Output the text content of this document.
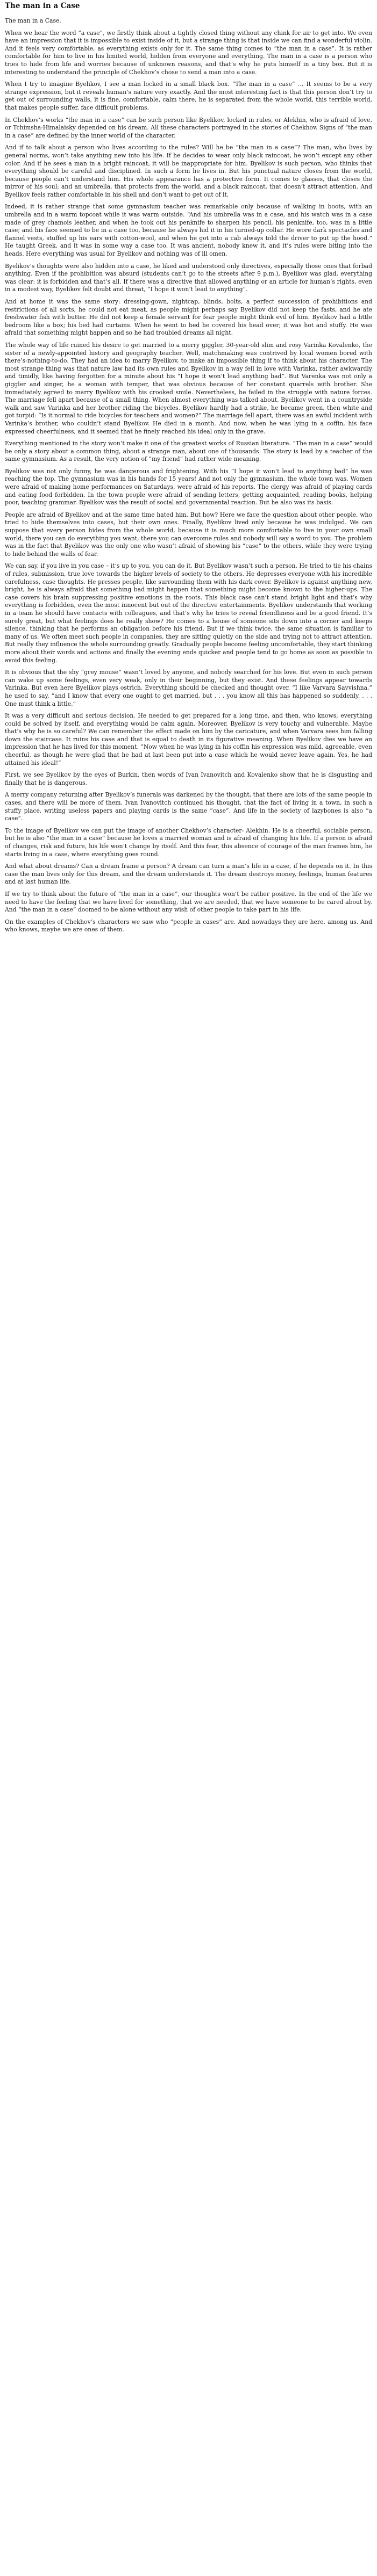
The man in a Case

The man in a Case.

When we hear the word “a case”, we firstly think about a tightly closed thing without any chink for air to get into. We even have an impression that it is impossible to exist inside of it, but a strange thing is that inside we can find a wonderful violin. And it feels very comfortable, as everything exists only for it. The same thing comes to “the man in a case”. It is rather comfortable for him to live in his limited world, hidden from everyone and everything. The man in a case is a person who tries to hide from life and worries because of unknown reasons, and that’s why he puts himself in a tiny box. But it is interesting to understand the principle of Chekhov’s chose to send a man into a case.

When I try to imagine Byelikov, I see a man locked in a small black box. “The man in a case” … It seems to be a very strange expression, but it reveals human’s nature very exactly. And the most interesting fact is that this person don’t try to get out of surrounding walls, it is fine, comfortable, calm there, he is separated from the whole world, this terrible world, that makes people suffer, face difficult problems.

In Chekhov’s works “the man in a case” can be such person like Byelikov, locked in rules, or Alekhin, who is afraid of love, or Tchimsha-Himalaisky depended on his dream. All these characters portrayed in the stories of Chekhov. Signs of “the man in a case” are defined by the inner world of the character.

And if to talk about a person who lives according to the rules? Will he be “the man in a case”? The man, who lives by general norms, won’t take anything new into his life. If he decides to wear only black raincoat, he won’t except any other color. And if he sees a man in a bright raincoat, it will be inappropriate for him. Byelikov is such person, who thinks that everything should be careful and disciplined. In such a form he lives in. But his punctual nature closes from the world, because people can’t understand him. His whole appearance has a protective form. It comes to glasses, that closes the mirror of his soul; and an umbrella, that protects from the world, and a black raincoat, that doesn’t attract attention. And Byelikov feels rather comfortable in his shell and don’t want to get out of it.

Indeed, it is rather strange that some gymnasium teacher was remarkable only because of walking in boots, with an umbrella and in a warm topcoat while it was warm outside. “And his umbrella was in a case, and his watch was in a case made of grey chamois leather, and when he took out his penknife to sharpen his pencil, his penknife, too, was in a little case; and his face seemed to be in a case too, because he always hid it in his turned-up collar. He wore dark spectacles and flannel vests, stuffed up his ears with cotton-wool, and when he got into a cab always told the driver to put up the hood.” He taught Greek, and it was in some way a case too. It was ancient, nobody knew it, and it’s rules were biting into the heads. Here everything was usual for Byelikov and nothing was of ill omen.

Byelikov’s thoughts were also hidden into a case, he liked and understood only directives, especially those ones that forbad anything. Even if the prohibition was absurd (students can’t go to the streets after 9 p.m.), Byelikov was glad, everything was clear: it is forbidden and that’s all. If there was a directive that allowed anything or an article for human’s rights, even in a modest way, Byelikov felt doubt and threat, “I hope it won’t lead to anything”.

And at home it was the same story: dressing-gown, nightcap, blinds, bolts, a perfect succession of prohibitions and restrictions of all sorts, he could not eat meat, as people might perhaps say Byelikov did not keep the fasts, and he ate freshwater fish with butter. He did not keep a female servant for fear people might think evil of him. Byelikov had a little bedroom like a box; his bed had curtains. When he went to bed he covered his head over; it was hot and stuffy. He was afraid that something might happen and so he had troubled dreams all night.

The whole way of life ruined his desire to get married to a merry giggler, 30-year-old slim and rosy Varinka Kovalenko, the sister of a newly-appointed history and geography teacher. Well, matchmaking was contrived by local women bored with there’s-nothing-to-do. They had an idea to marry Byelikov, to make an impossible thing if to think about his character. The most strange thing was that nature law had its own rules and Byelikov in a way fell in love with Varinka, rather awkwardly and timidly, like having forgotten for a minute about his “I hope it won’t lead anything bad”. But Varenka was not only a giggler and singer, he a woman with temper, that was obvious because of her constant quarrels with brother. She immediately agreed to marry Byelikov with his crooked smile. Nevertheless, he failed in the struggle with nature forces. The marriage fell apart because of a small thing. When almost everything was talked about, Byelikov went in a countryside walk and saw Varinka and her brother riding the bicycles. Byelikov hardly had a strike, he became green, then white and got turpid: “Is it normal to ride bicycles for teachers and women?” The marriage fell apart, there was an awful incident with Varinka’s brother, who couldn’t stand Byelikov. He died in a month. And now, when he was lying in a coffin, his face expressed cheerfulness, and it seemed that he finely reached his ideal only in the grave.

Everything mentioned in the story won’t make it one of the greatest works of Russian literature. “The man in a case” would be only a story about a common thing, about a strange man, about one of thousands. The story is lead by a teacher of the same gymnasium. As a result, the very notion of “my friend” had rather wide meaning.

Byelikov was not only funny, he was dangerous and frightening. With his “I hope it won’t lead to anything bad” he was reaching the top. The gymnasium was in his hands for 15 years! And not only the gymnasium, the whole town was. Women were afraid of making home performances on Saturdays, were afraid of his reports. The clergy was afraid of playing cards and eating food forbidden. In the town people were afraid of sending letters, getting acquainted, reading books, helping poor, teaching grammar. Byelikov was the result of social and governmental reaction. But he also was its basis.

People are afraid of Byelikov and at the same time hated him. But how? Here we face the question about other people, who tried to hide themselves into cases, but their own ones. Finally, Byelikov lived only because he was indulged. We can suppose that every person hides from the whole world, because it is much more comfortable to live in your own small world, there you can do everything you want, there you can overcome rules and nobody will say a word to you. The problem was in the fact that Byelikov was the only one who wasn’t afraid of showing his “case” to the others, while they were trying to hide behind the walls of fear.

We can say, if you live in you case – it’s up to you, you can do it. But Byelikov wasn’t such a person. He tried to tie his chains of rules, submission, true love towards the higher levels of society to the others. He depresses everyone with his incredible carefulness, case thoughts. He presses people, like surrounding them with his dark cover. Byelikov is against anything new, bright, he is always afraid that something bad might happen that something might become known to the higher-ups. The case covers his brain suppressing positive emotions in the roots. This black case can’t stand bright light and that’s why everything is forbidden, even the most innocent but out of the directive entertainments. Byelikov understands that working in a team he should have contacts with colleagues, and that’s why he tries to reveal friendliness and be a good friend. It’s surely great, but what feelings does he really show? He comes to a house of someone sits down into a corner and keeps silence, thinking that he performs an obligation before his friend. But if we think twice, the same situation is familiar to many of us. We often meet such people in companies, they are sitting quietly on the side and trying not to attract attention. But really they influence the whole surrounding greatly. Gradually people become feeling uncomfortable, they start thinking more about their words and actions and finally the evening ends quicker and people tend to go home as soon as possible to avoid this feeling.

It is obvious that the shy “grey mouse” wasn’t loved by anyone, and nobody searched for his love. But even in such person can wake up some feelings, even very weak, only in their beginning, but they exist. And these feelings appear towards Varinka. But even here Byelikov plays ostrich. Everything should be checked and thought over. “I like Varvara Savvishna,” he used to say, “and I know that every one ought to get married, but . . . you know all this has happened so suddenly. . . . One must think a little.”

It was a very difficult and serious decision. He needed to get prepared for a long time, and then, who knows, everything could be solved by itself, and everything would be calm again. Moreover, Byelikov is very touchy and vulnerable. Maybe that’s why he is so careful? We can remember the effect made on him by the caricature, and when Varvara sees him falling down the staircase. It ruins his case and that is equal to death in its figurative meaning. When Byelikov dies we have an impression that he has lived for this moment. “Now when he was lying in his coffin his expression was mild, agreeable, even cheerful, as though he were glad that he had at last been put into a case which he would never leave again. Yes, he had attained his ideal!”

First, we see Byelikov by the eyes of Burkin, then words of Ivan Ivanovitch and Kovalenko show that he is disgusting and finally that he is dangerous.

A merry company returning after Byelikov’s funerals was darkened by the thought, that there are lots of the same people in cases, and there will be more of them. Ivan Ivanovitch continued his thought, that the fact of living in a town, in such a stuffy place, writing useless papers and playing cards is the same “case”. And life in the society of lazybones is also “a case”.

To the image of Byelikov we can put the image of another Chekhov’s character- Alekhin. He is a cheerful, sociable person, but he is also “the man in a case” because he loves a married woman and is afraid of changing his life. If a person is afraid of changes, risk and future, his life won’t change by itself. And this fear, this absence of courage of the man frames him, he starts living in a case, where everything goes round.

And what about dreams? Can a dream frame a person? A dream can turn a man’s life in a case, if he depends on it. In this case the man lives only for this dream, and the dream understands it. The dream destroys money, feelings, human features and at last human life.

If we try to think about the future of “the man in a case”, our thoughts won’t be rather positive. In the end of the life we need to have the feeling that we have lived for something, that we are needed, that we have someone to be cared about by. And “the man in a case” doomed to be alone without any wish of other people to take part in his life.

On the examples of Chekhov’s characters we saw who “people in cases” are. And nowadays they are here, among us. And who knows, maybe we are ones of them.
